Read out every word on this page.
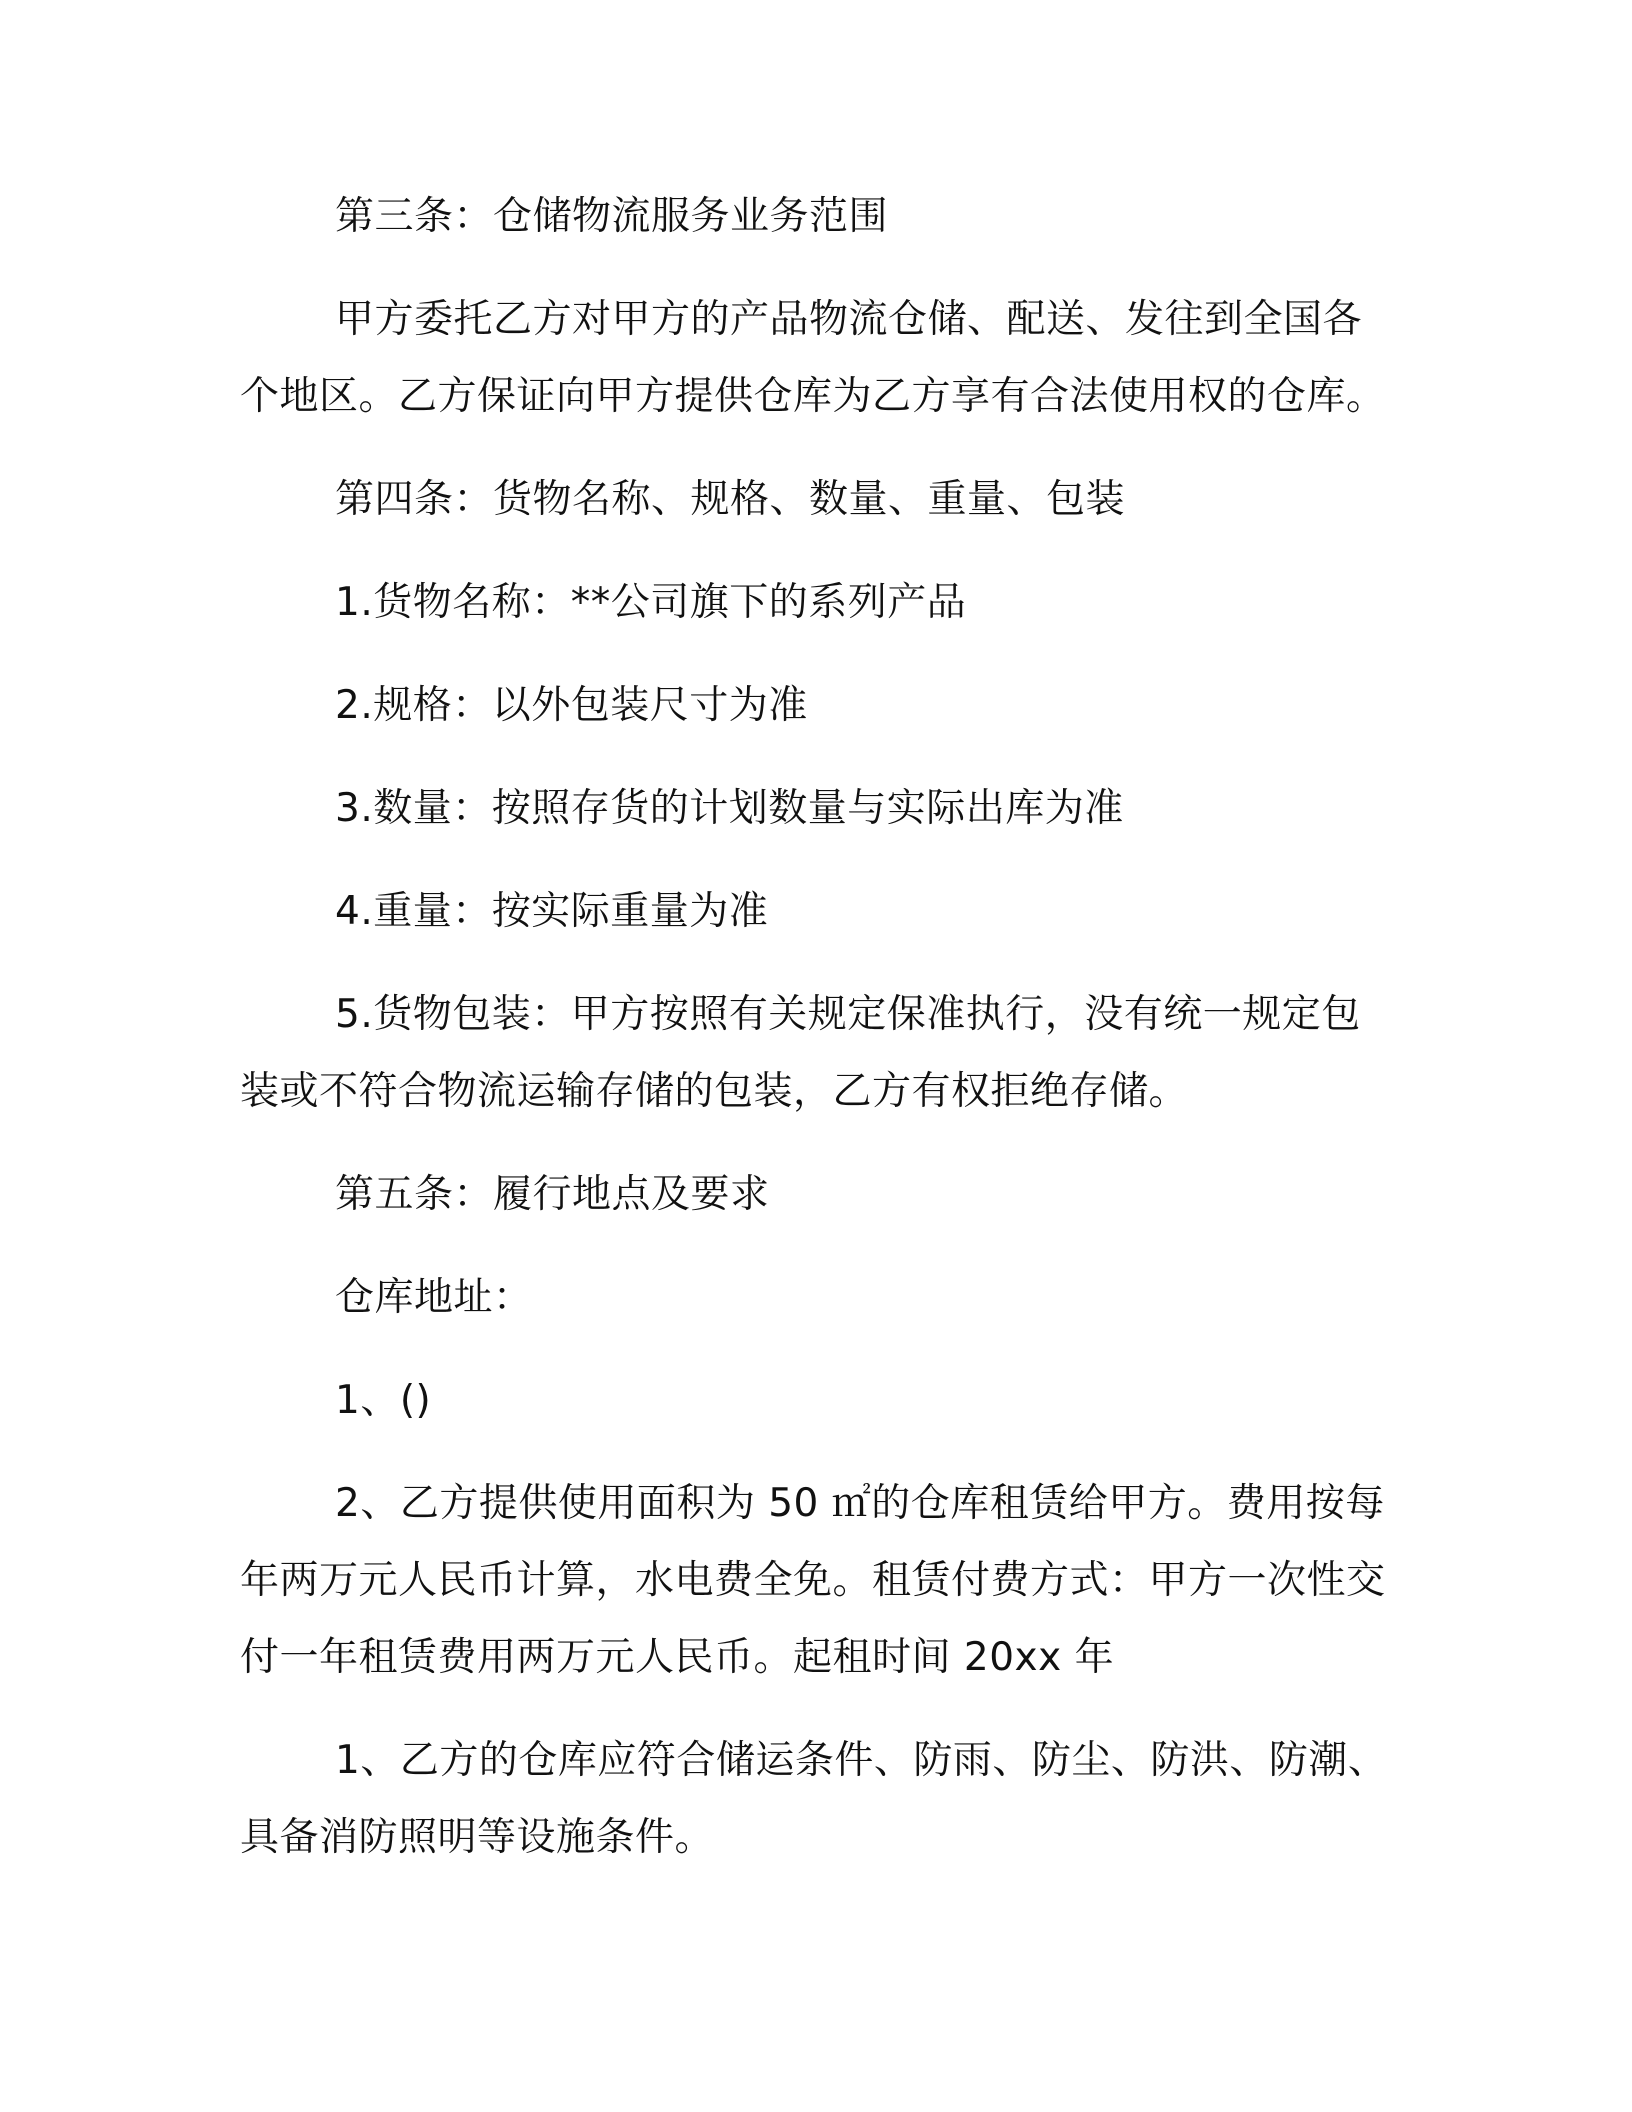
第三条：仓储物流服务业务范围

甲方委托乙方对甲方的产品物流仓储、配送、发往到全国各个地区。乙方保证向甲方提供仓库为乙方享有合法使用权的仓库。

第四条：货物名称、规格、数量、重量、包装

1.货物名称：**公司旗下的系列产品

2.规格：以外包装尺寸为准

3.数量：按照存货的计划数量与实际出库为准

4.重量：按实际重量为准

5.货物包装：甲方按照有关规定保准执行，没有统一规定包装或不符合物流运输存储的包装，乙方有权拒绝存储。

第五条：履行地点及要求

仓库地址：

1、()

2、乙方提供使用面积为 50 ㎡的仓库租赁给甲方。费用按每年两万元人民币计算，水电费全免。租赁付费方式：甲方一次性交付一年租赁费用两万元人民币。起租时间 20xx 年

1、乙方的仓库应符合储运条件、防雨、防尘、防洪、防潮、具备消防照明等设施条件。
